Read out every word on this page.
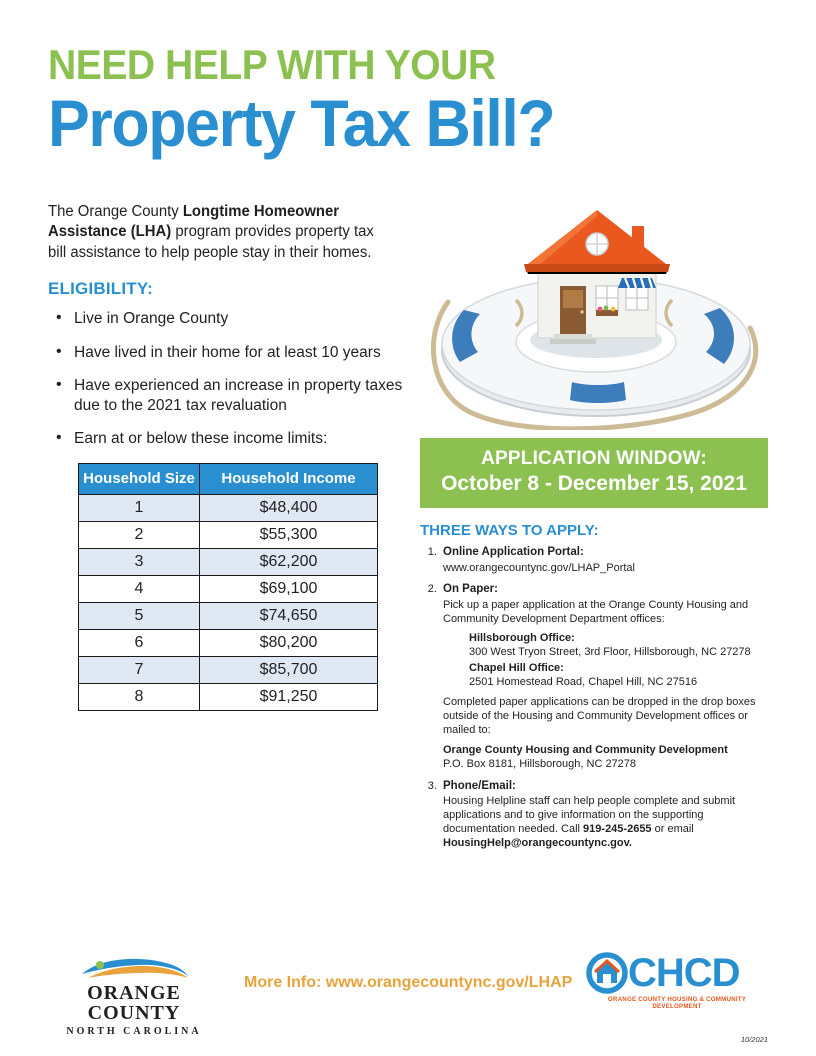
NEED HELP WITH YOUR
Property Tax Bill?

The Orange County Longtime Homeowner Assistance (LHA) program provides property tax bill assistance to help people stay in their homes.

ELIGIBILITY:
• Live in Orange County
• Have lived in their home for at least 10 years
• Have experienced an increase in property taxes due to the 2021 tax revaluation
• Earn at or below these income limits:
Household Size	Household Income
1	$48,400
2	$55,300
3	$62,200
4	$69,100
5	$74,650
6	$80,200
7	$85,700
8	$91,250
APPLICATION WINDOW:
October 8 - December 15, 2021
THREE WAYS TO APPLY:
1. Online Application Portal:
www.orangecountync.gov/LHAP_Portal
2. On Paper:
Pick up a paper application at the Orange County Housing and Community Development Department offices:
Hillsborough Office:
300 West Tryon Street, 3rd Floor, Hillsborough, NC 27278
Chapel Hill Office:
2501 Homestead Road, Chapel Hill, NC 27516
Completed paper applications can be dropped in the drop boxes outside of the Housing and Community Development offices or mailed to:
Orange County Housing and Community Development
P.O. Box 8181, Hillsborough, NC 27278
3. Phone/Email:
Housing Helpline staff can help people complete and submit applications and to give information on the supporting documentation needed. Call 919-245-2655 or email HousingHelp@orangecountync.gov.
ORANGE COUNTY
NORTH CAROLINA
More Info: www.orangecountync.gov/LHAP CHCD
ORANGE COUNTY HOUSING & COMMUNITY DEVELOPMENT
10/2021
